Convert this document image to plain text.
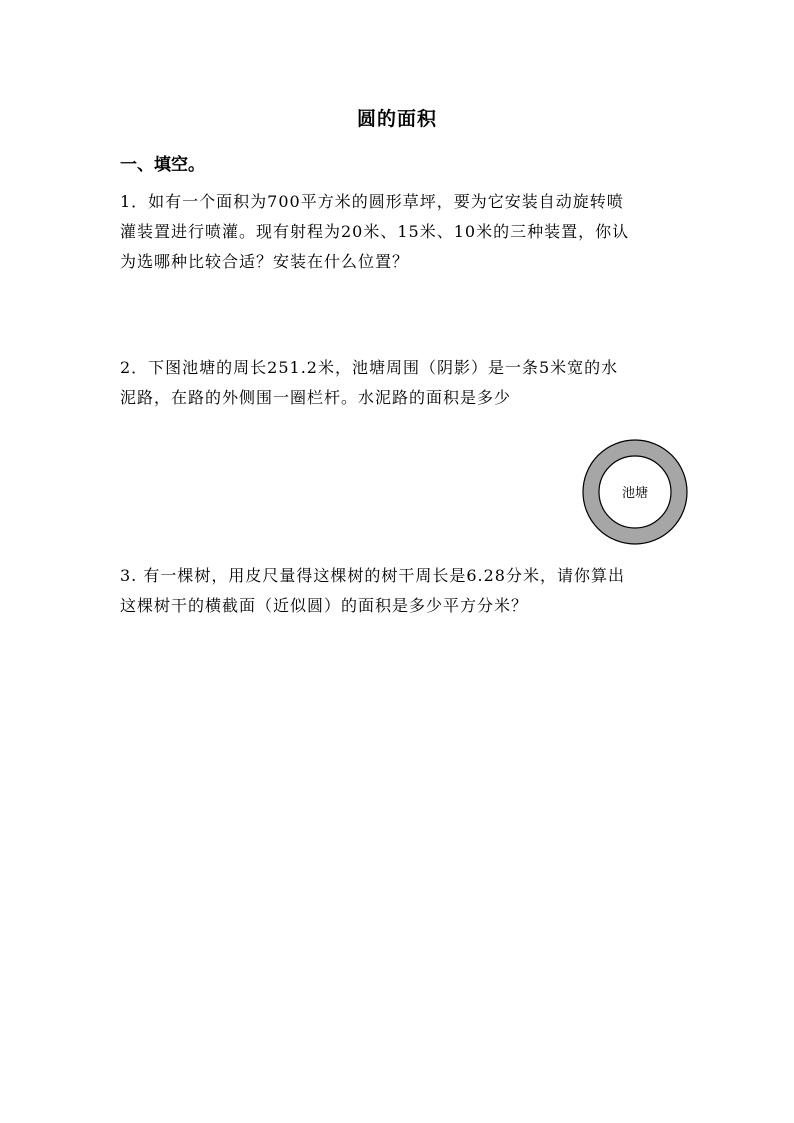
圆的面积
一、填空。
1．如有一个面积为700平方米的圆形草坪，要为它安装自动旋转喷
灌装置进行喷灌。现有射程为20米、15米、10米的三种装置，你认
为选哪种比较合适？安装在什么位置？
2．下图池塘的周长251.2米，池塘周围（阴影）是一条5米宽的水
泥路，在路的外侧围一圈栏杆。水泥路的面积是多少
池塘
3. 有一棵树，用皮尺量得这棵树的树干周长是6.28分米，请你算出
这棵树干的横截面（近似圆）的面积是多少平方分米？
